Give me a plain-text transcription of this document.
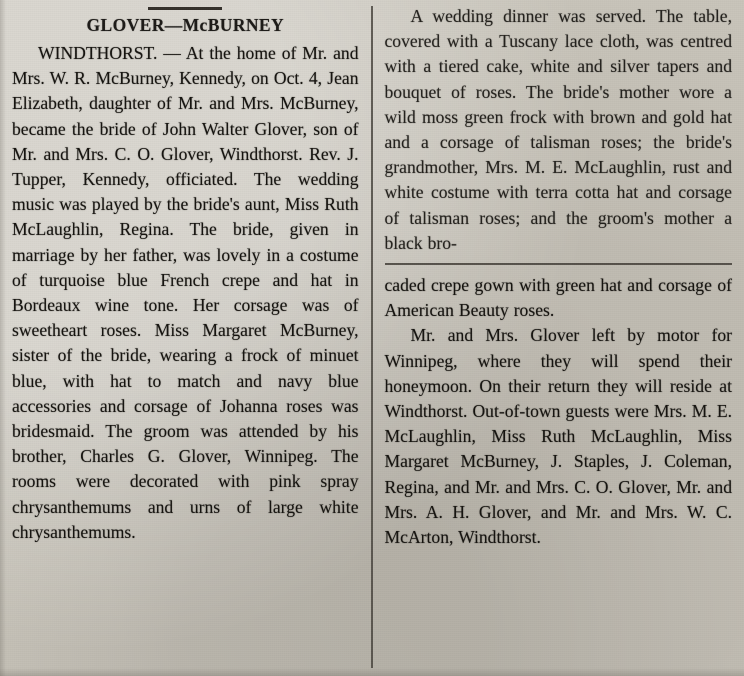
GLOVER—McBURNEY

WINDTHORST. — At the home of Mr. and Mrs. W. R. McBurney, Kennedy, on Oct. 4, Jean Elizabeth, daughter of Mr. and Mrs. McBurney, became the bride of John Walter Glover, son of Mr. and Mrs. C. O. Glover, Windthorst. Rev. J. Tupper, Kennedy, officiated. The wedding music was played by the bride's aunt, Miss Ruth McLaughlin, Regina. The bride, given in marriage by her father, was lovely in a costume of turquoise blue French crepe and hat in Bordeaux wine tone. Her corsage was of sweetheart roses. Miss Margaret McBurney, sister of the bride, wearing a frock of minuet blue, with hat to match and navy blue accessories and corsage of Johanna roses was bridesmaid. The groom was attended by his brother, Charles G. Glover, Winnipeg. The rooms were decorated with pink spray chrysanthemums and urns of large white chrysanthemums.

A wedding dinner was served. The table, covered with a Tuscany lace cloth, was centred with a tiered cake, white and silver tapers and bouquet of roses. The bride's mother wore a wild moss green frock with brown and gold hat and a corsage of talisman roses; the bride's grandmother, Mrs. M. E. McLaughlin, rust and white costume with terra cotta hat and corsage of talisman roses; and the groom's mother a black bro-

caded crepe gown with green hat and corsage of American Beauty roses.

Mr. and Mrs. Glover left by motor for Winnipeg, where they will spend their honeymoon. On their return they will reside at Windthorst. Out-of-town guests were Mrs. M. E. McLaughlin, Miss Ruth McLaughlin, Miss Margaret McBurney, J. Staples, J. Coleman, Regina, and Mr. and Mrs. C. O. Glover, Mr. and Mrs. A. H. Glover, and Mr. and Mrs. W. C. McArton, Windthorst.
